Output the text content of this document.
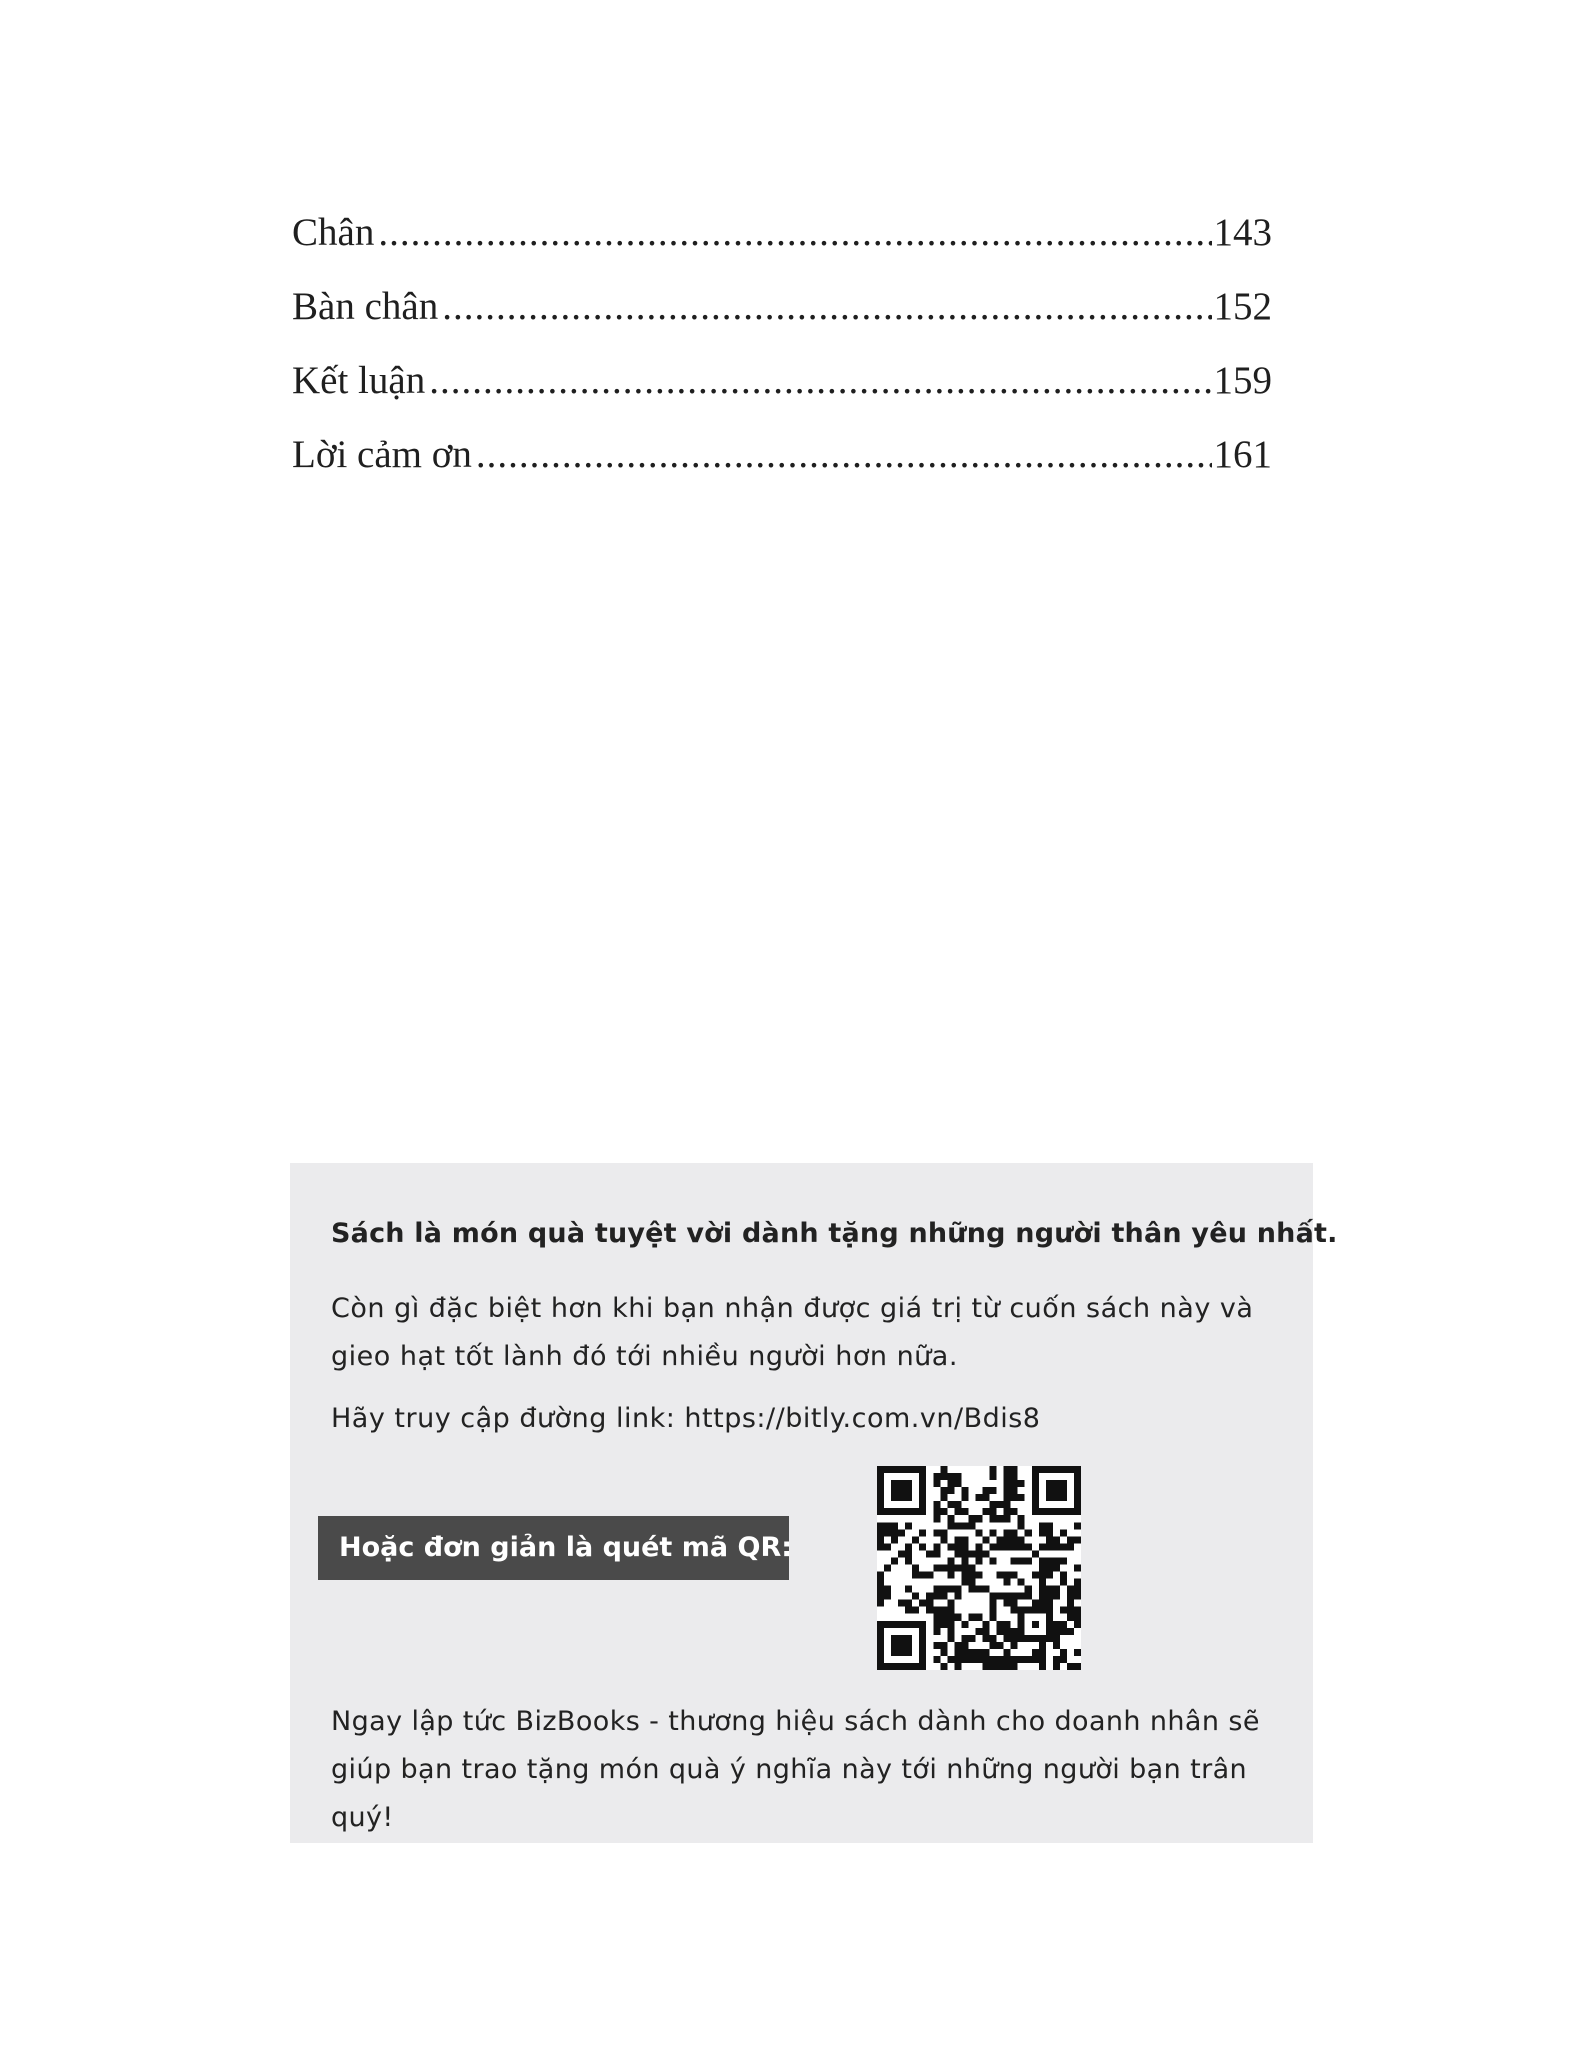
Chân .....	143
Bàn chân .....	152
Kết luận .....	159
Lời cảm ơn .....	161
Sách là món quà tuyệt vời dành tặng những người thân yêu nhất.
Còn gì đặc biệt hơn khi bạn nhận được giá trị từ cuốn sách này và gieo hạt tốt lành đó tới nhiều người hơn nữa.
Hãy truy cập đường link: https://bitly.com.vn/Bdis8
Hoặc đơn giản là quét mã QR:
Ngay lập tức BizBooks - thương hiệu sách dành cho doanh nhân sẽ giúp bạn trao tặng món quà ý nghĩa này tới những người bạn trân quý!
